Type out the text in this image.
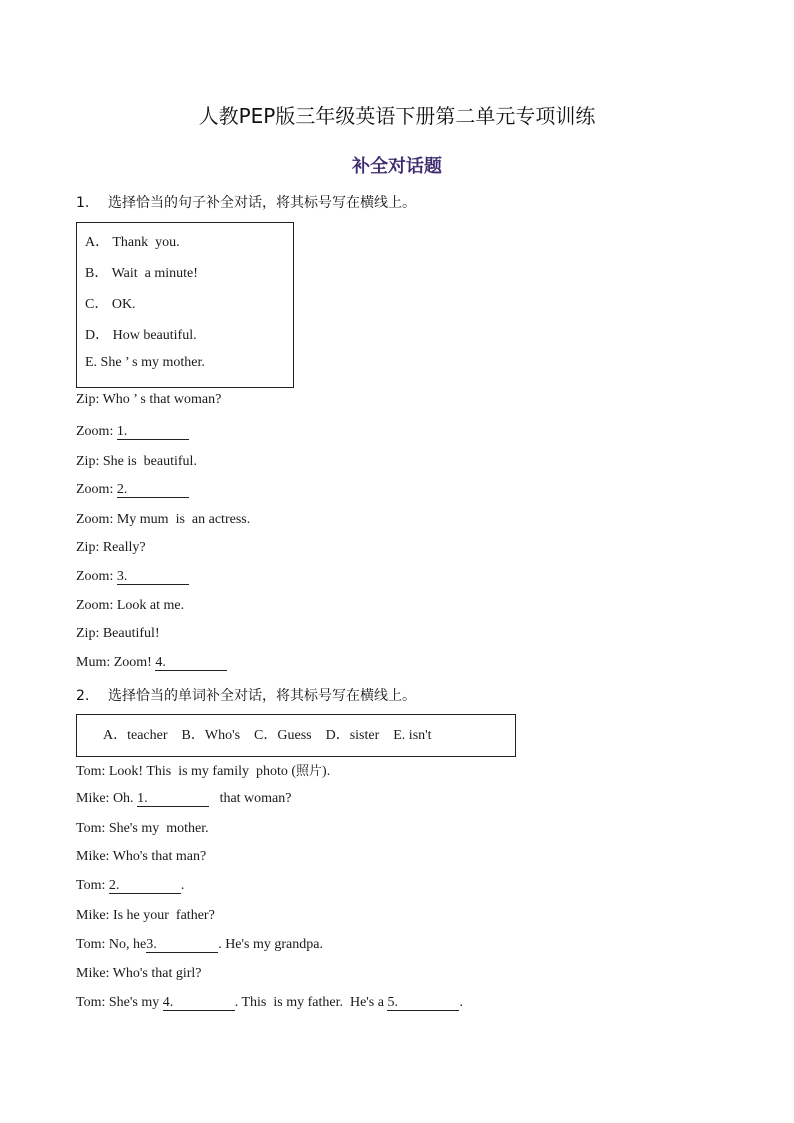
人教PEP版三年级英语下册第二单元专项训练
补全对话题
1. 选择恰当的句子补全对话，将其标号写在横线上。
A． Thank  you.
B． Wait  a minute!
C． OK.
D． How beautiful.
E. She ’ s my mother.
Zip: Who ’ s that woman?
Zoom: 1.
Zip: She is  beautiful.
Zoom: 2.
Zoom: My mum  is  an actress.
Zip: Really?
Zoom: 3.
Zoom: Look at me.
Zip: Beautiful!
Mum: Zoom! 4.
2. 选择恰当的单词补全对话，将其标号写在横线上。
A．teacher    B．Who's    C．Guess    D．sister    E. isn't
Tom: Look! This  is my family  photo (照片).
Mike: Oh. 1.	that woman?
Tom: She's my  mother.
Mike: Who's that man?
Tom: 2.	.
Mike: Is he your  father?
Tom: No, he3.	. He's my grandpa.
Mike: Who's that girl?
Tom: She's my 4.	. This  is my father.  He's a 5.	.
